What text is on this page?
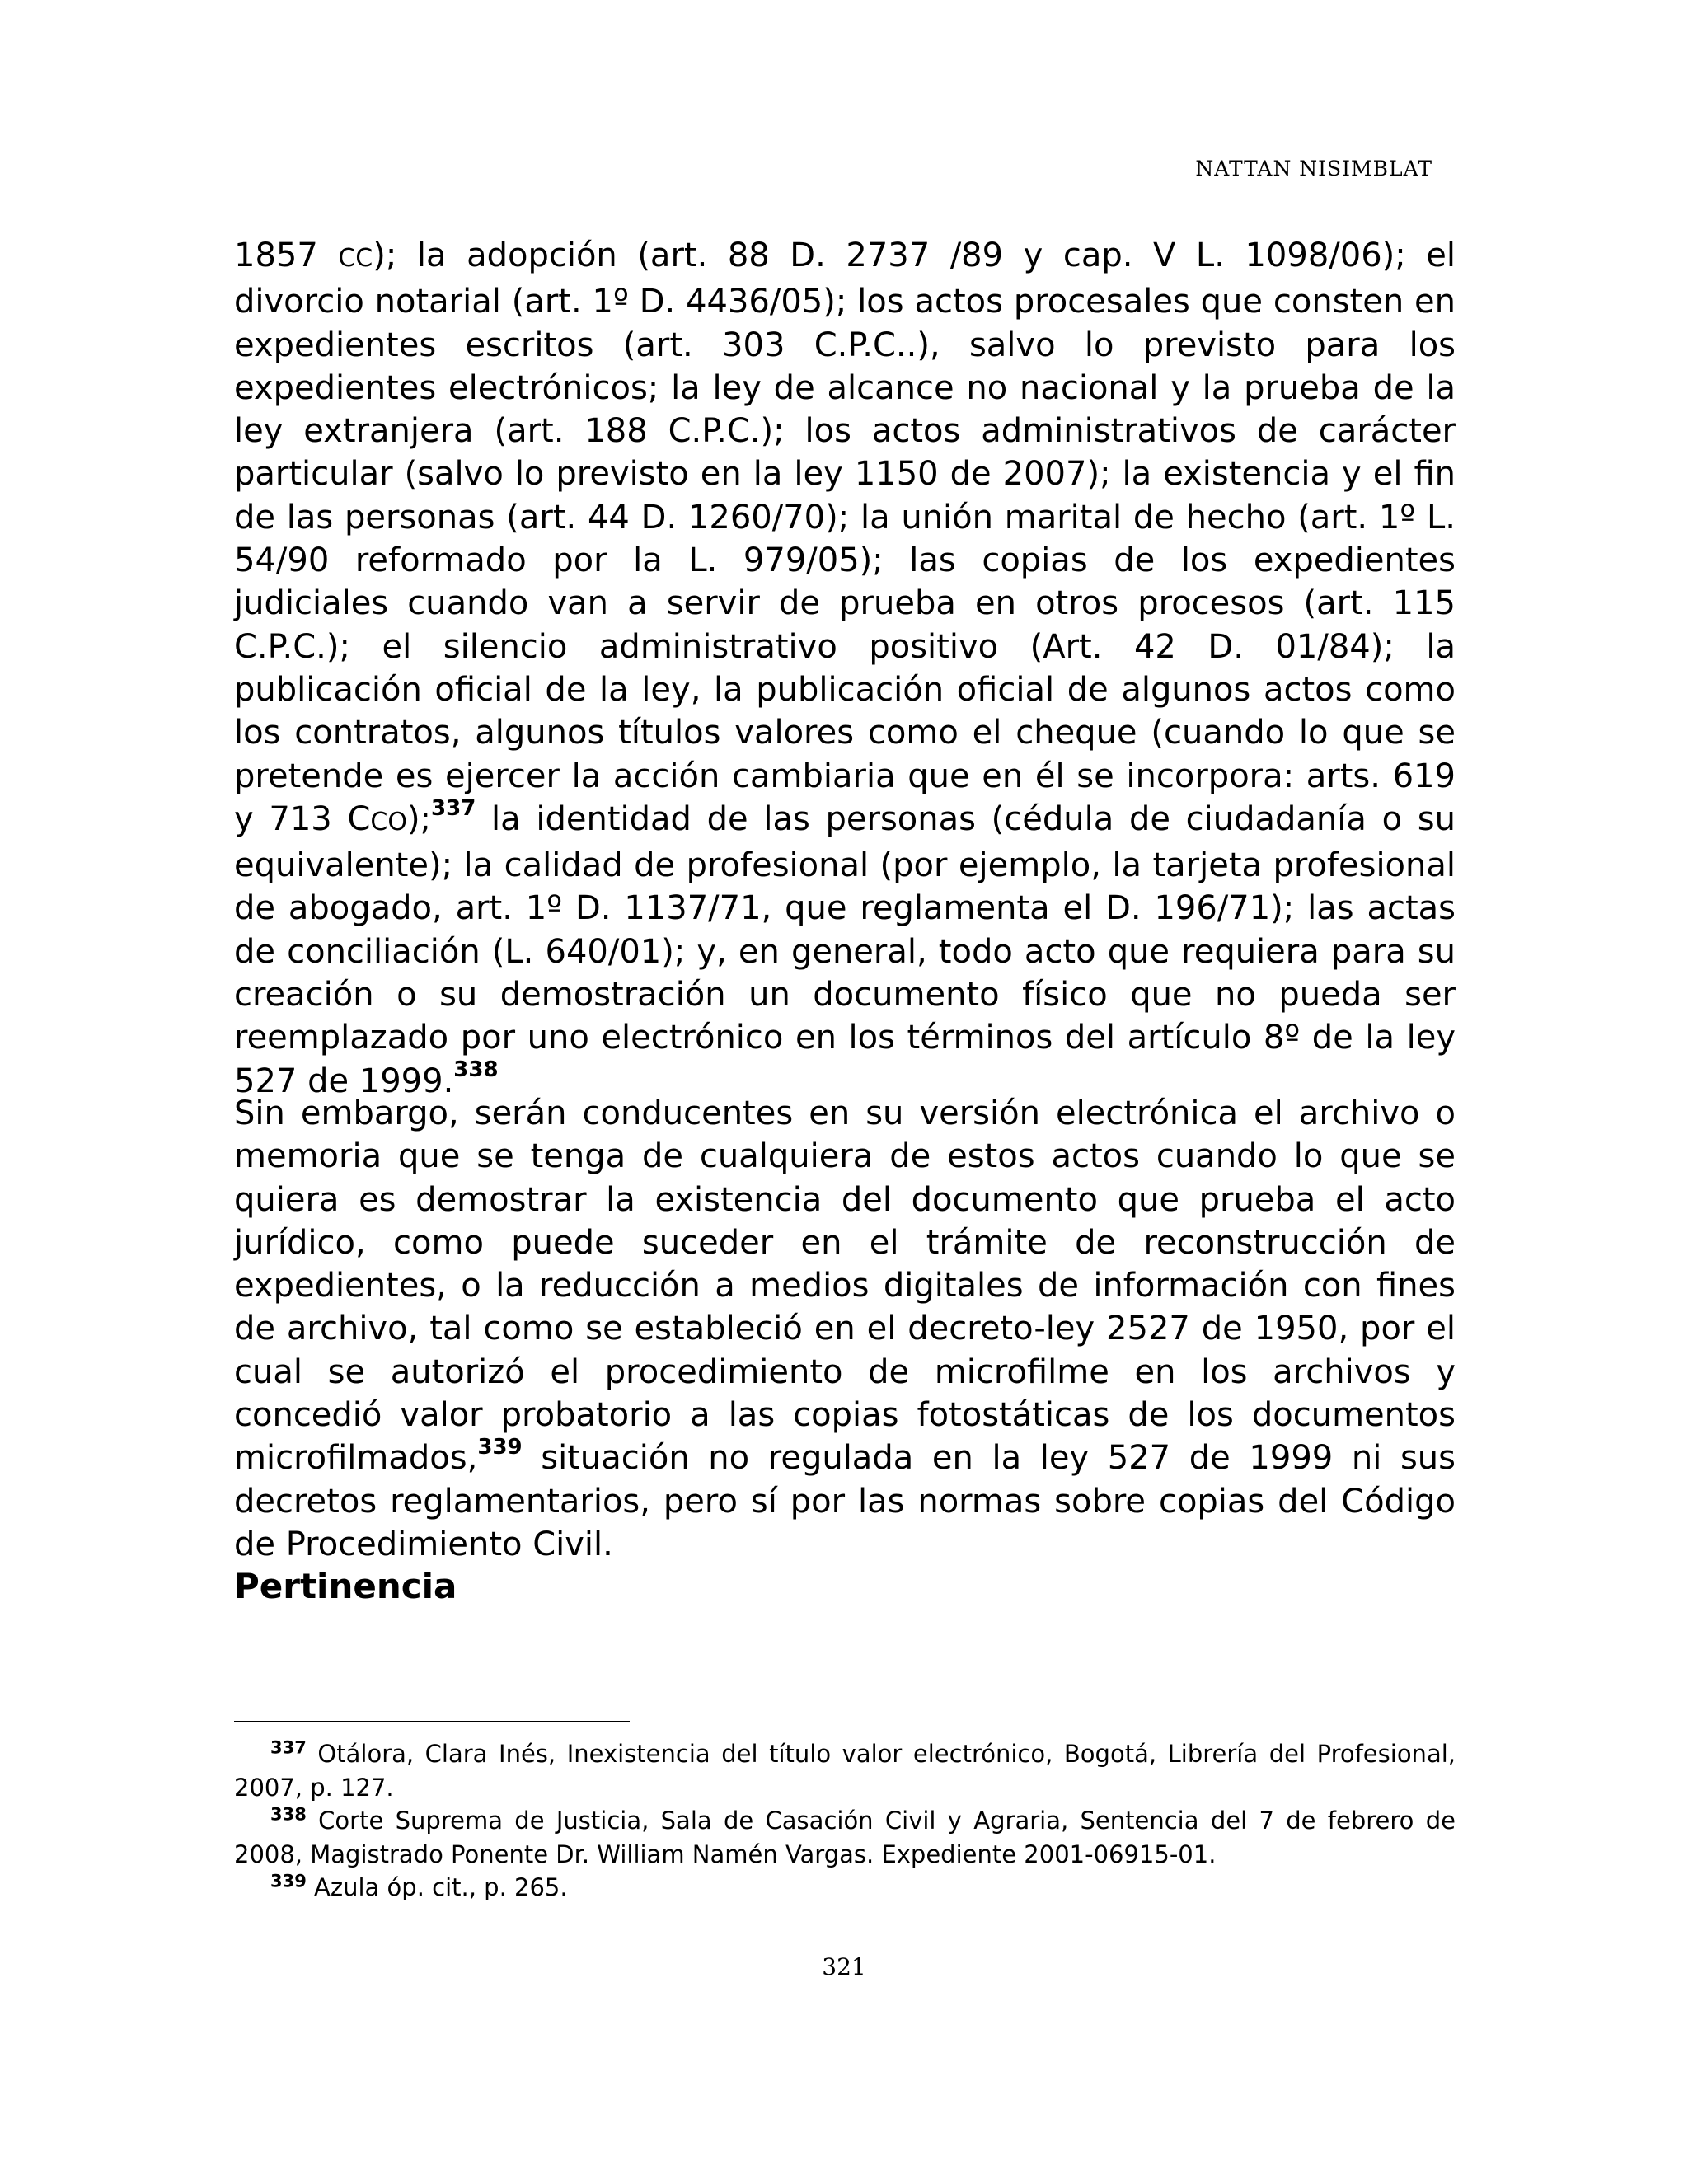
NATTAN NISIMBLAT

1857 CC); la adopción (art. 88 D. 2737 /89 y cap. V L. 1098/06); el divorcio notarial (art. 1º D. 4436/05); los actos procesales que consten en expedientes escritos (art. 303 C.P.C..), salvo lo previsto para los expedientes electrónicos; la ley de alcance no nacional y la prueba de la ley extranjera (art. 188 C.P.C.); los actos administrativos de carácter particular (salvo lo previsto en la ley 1150 de 2007); la existencia y el fin de las personas (art. 44 D. 1260/70); la unión marital de hecho (art. 1º L. 54/90 reformado por la L. 979/05); las copias de los expedientes judiciales cuando van a servir de prueba en otros procesos (art. 115 C.P.C.); el silencio administrativo positivo (Art. 42 D. 01/84); la publicación oficial de la ley, la publicación oficial de algunos actos como los contratos, algunos títulos valores como el cheque (cuando lo que se pretende es ejercer la acción cambiaria que en él se incorpora: arts. 619 y 713 CCO);$^{337}$ la identidad de las personas (cédula de ciudadanía o su equivalente); la calidad de profesional (por ejemplo, la tarjeta profesional de abogado, art. 1º D. 1137/71, que reglamenta el D. 196/71); las actas de conciliación (L. 640/01); y, en general, todo acto que requiera para su creación o su demostración un documento físico que no pueda ser reemplazado por uno electrónico en los términos del artículo 8º de la ley 527 de 1999.$^{338}$

Sin embargo, serán conducentes en su versión electrónica el archivo o memoria que se tenga de cualquiera de estos actos cuando lo que se quiera es demostrar la existencia del documento que prueba el acto jurídico, como puede suceder en el trámite de reconstrucción de expedientes, o la reducción a medios digitales de información con fines de archivo, tal como se estableció en el decreto-ley 2527 de 1950, por el cual se autorizó el procedimiento de microfilme en los archivos y concedió valor probatorio a las copias fotostáticas de los documentos microfilmados,$^{339}$ situación no regulada en la ley 527 de 1999 ni sus decretos reglamentarios, pero sí por las normas sobre copias del Código de Procedimiento Civil.

Pertinencia

$^{337}$ Otálora, Clara Inés, Inexistencia del título valor electrónico, Bogotá, Librería del Profesional, 2007, p. 127.

$^{338}$ Corte Suprema de Justicia, Sala de Casación Civil y Agraria, Sentencia del 7 de febrero de 2008, Magistrado Ponente Dr. William Namén Vargas. Expediente 2001-06915-01.

$^{339}$ Azula óp. cit., p. 265.

321
